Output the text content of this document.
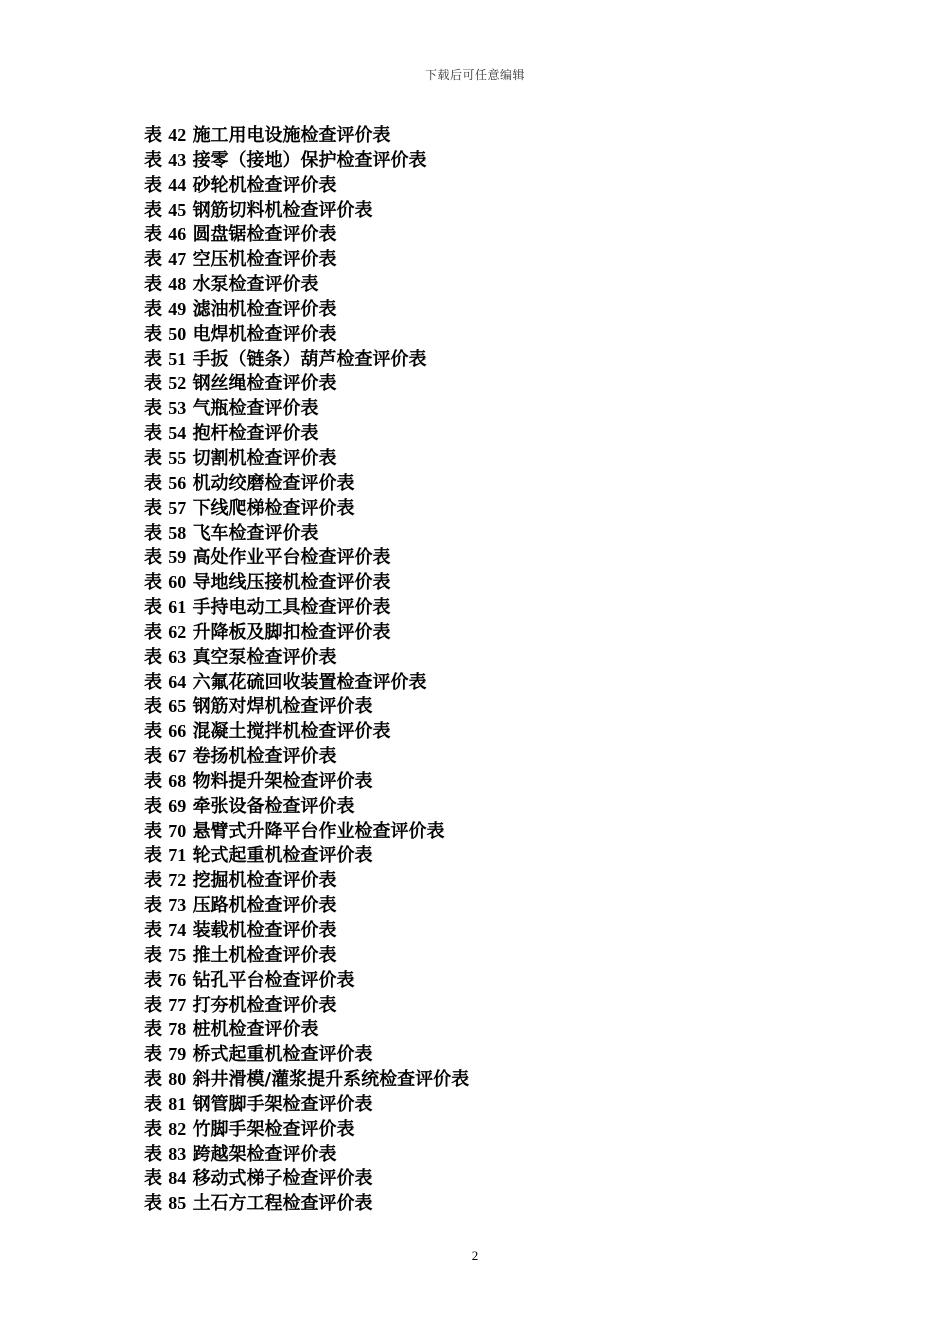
下载后可任意编辑
表 42 施工用电设施检查评价表
表 43 接零（接地）保护检查评价表
表 44 砂轮机检查评价表
表 45 钢筋切料机检查评价表
表 46 圆盘锯检查评价表
表 47 空压机检查评价表
表 48 水泵检查评价表
表 49 滤油机检查评价表
表 50 电焊机检查评价表
表 51 手扳（链条）葫芦检查评价表
表 52 钢丝绳检查评价表
表 53 气瓶检查评价表
表 54 抱杆检查评价表
表 55 切割机检查评价表
表 56 机动绞磨检查评价表
表 57 下线爬梯检查评价表
表 58 飞车检查评价表
表 59 高处作业平台检查评价表
表 60 导地线压接机检查评价表
表 61 手持电动工具检查评价表
表 62 升降板及脚扣检查评价表
表 63 真空泵检查评价表
表 64 六氟花硫回收装置检查评价表
表 65 钢筋对焊机检查评价表
表 66 混凝土搅拌机检查评价表
表 67 卷扬机检查评价表
表 68 物料提升架检查评价表
表 69 牵张设备检查评价表
表 70 悬臂式升降平台作业检查评价表
表 71 轮式起重机检查评价表
表 72 挖掘机检查评价表
表 73 压路机检查评价表
表 74 装载机检查评价表
表 75 推土机检查评价表
表 76 钻孔平台检查评价表
表 77 打夯机检查评价表
表 78 桩机检查评价表
表 79 桥式起重机检查评价表
表 80 斜井滑模/灌浆提升系统检查评价表
表 81 钢管脚手架检查评价表
表 82 竹脚手架检查评价表
表 83 跨越架检查评价表
表 84 移动式梯子检查评价表
表 85 土石方工程检查评价表
2
